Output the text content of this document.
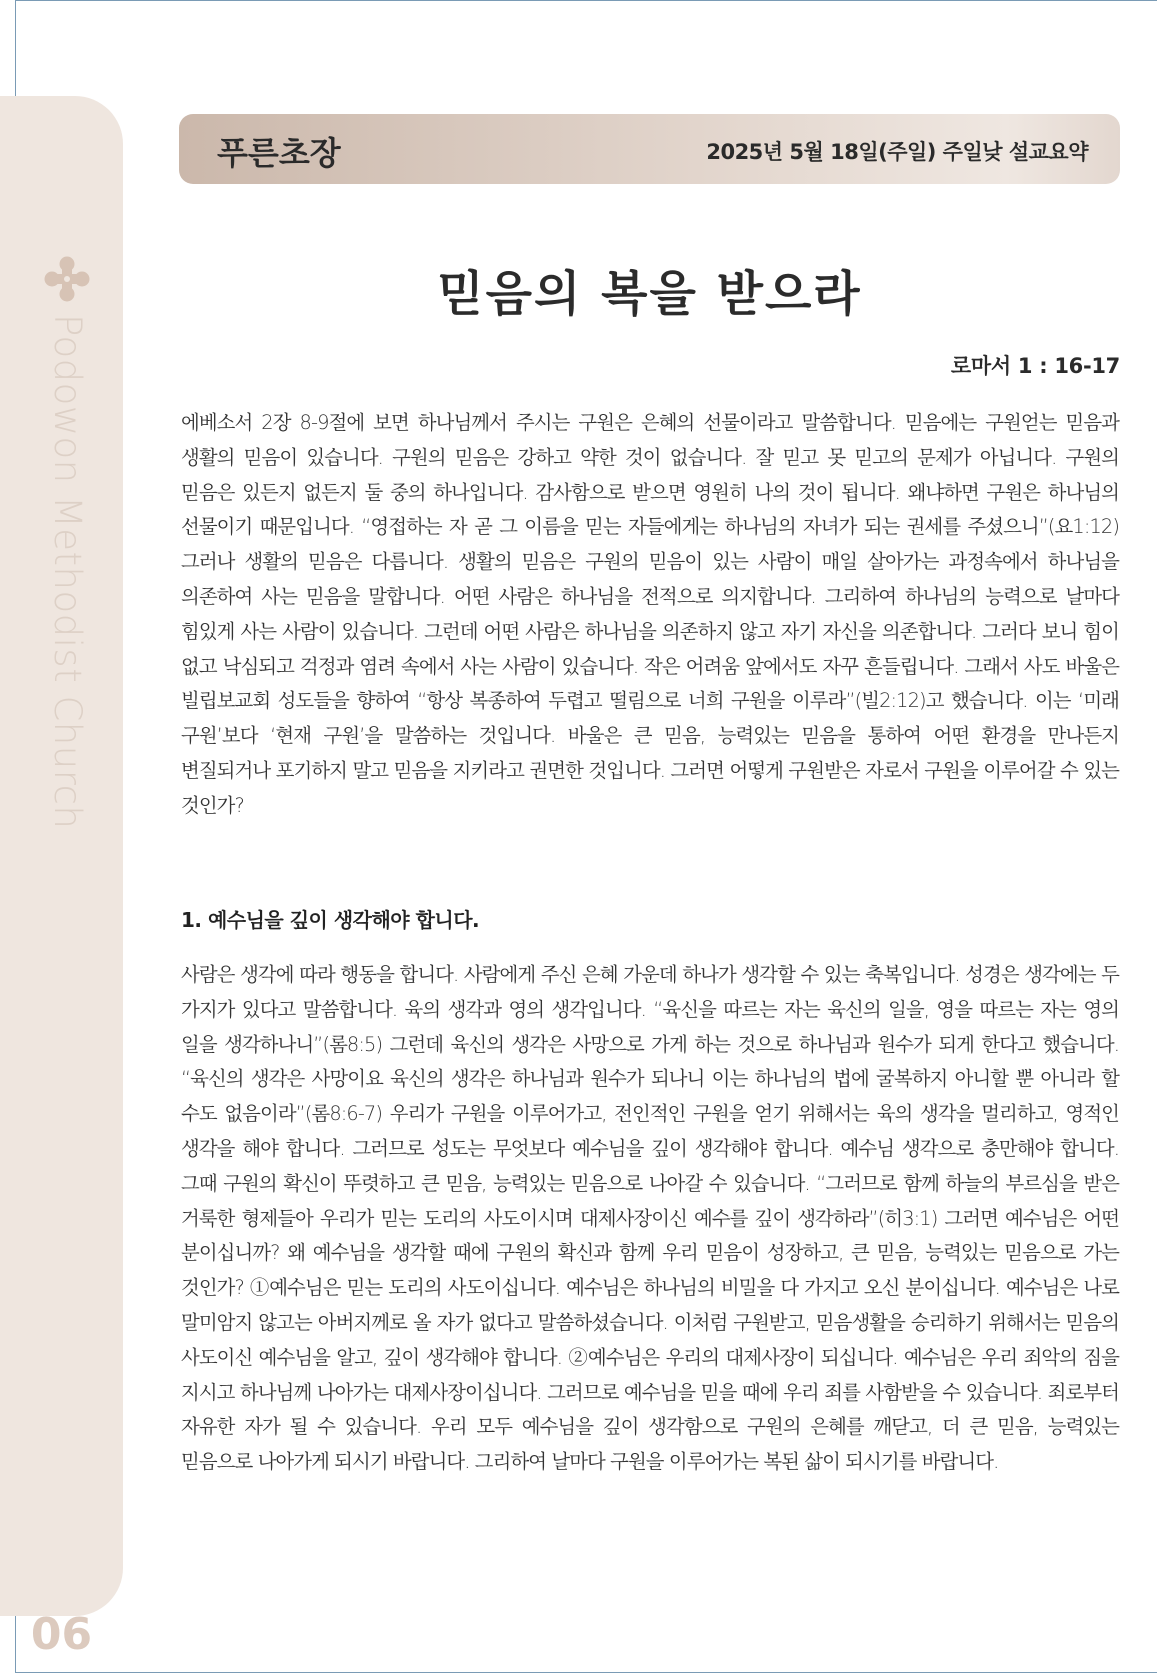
Podowon Methodist Church
06
푸른초장	2025년 5월 18일(주일) 주일낮 설교요약
믿음의 복을 받으라
로마서 1 : 16-17

에베소서 2장 8-9절에 보면 하나님께서 주시는 구원은 은혜의 선물이라고 말씀합니다. 믿음에는 구원얻는 믿음과 생활의 믿음이 있습니다. 구원의 믿음은 강하고 약한 것이 없습니다. 잘 믿고 못 믿고의 문제가 아닙니다. 구원의 믿음은 있든지 없든지 둘 중의 하나입니다. 감사함으로 받으면 영원히 나의 것이 됩니다. 왜냐하면 구원은 하나님의 선물이기 때문입니다. “영접하는 자 곧 그 이름을 믿는 자들에게는 하나님의 자녀가 되는 권세를 주셨으니”(요1:12) 그러나 생활의 믿음은 다릅니다. 생활의 믿음은 구원의 믿음이 있는 사람이 매일 살아가는 과정속에서 하나님을 의존하여 사는 믿음을 말합니다. 어떤 사람은 하나님을 전적으로 의지합니다. 그리하여 하나님의 능력으로 날마다 힘있게 사는 사람이 있습니다. 그런데 어떤 사람은 하나님을 의존하지 않고 자기 자신을 의존합니다. 그러다 보니 힘이 없고 낙심되고 걱정과 염려 속에서 사는 사람이 있습니다. 작은 어려움 앞에서도 자꾸 흔들립니다. 그래서 사도 바울은 빌립보교회 성도들을 향하여 “항상 복종하여 두렵고 떨림으로 너희 구원을 이루라”(빌2:12)고 했습니다. 이는 ‘미래 구원’보다 ‘현재 구원’을 말씀하는 것입니다. 바울은 큰 믿음, 능력있는 믿음을 통하여 어떤 환경을 만나든지 변질되거나 포기하지 말고 믿음을 지키라고 권면한 것입니다. 그러면 어떻게 구원받은 자로서 구원을 이루어갈 수 있는 것인가?

1. 예수님을 깊이 생각해야 합니다.

사람은 생각에 따라 행동을 합니다. 사람에게 주신 은혜 가운데 하나가 생각할 수 있는 축복입니다. 성경은 생각에는 두 가지가 있다고 말씀합니다. 육의 생각과 영의 생각입니다. “육신을 따르는 자는 육신의 일을, 영을 따르는 자는 영의 일을 생각하나니”(롬8:5) 그런데 육신의 생각은 사망으로 가게 하는 것으로 하나님과 원수가 되게 한다고 했습니다. “육신의 생각은 사망이요 육신의 생각은 하나님과 원수가 되나니 이는 하나님의 법에 굴복하지 아니할 뿐 아니라 할 수도 없음이라”(롬8:6-7) 우리가 구원을 이루어가고, 전인적인 구원을 얻기 위해서는 육의 생각을 멀리하고, 영적인 생각을 해야 합니다. 그러므로 성도는 무엇보다 예수님을 깊이 생각해야 합니다. 예수님 생각으로 충만해야 합니다. 그때 구원의 확신이 뚜렷하고 큰 믿음, 능력있는 믿음으로 나아갈 수 있습니다. “그러므로 함께 하늘의 부르심을 받은 거룩한 형제들아 우리가 믿는 도리의 사도이시며 대제사장이신 예수를 깊이 생각하라”(히3:1) 그러면 예수님은 어떤 분이십니까? 왜 예수님을 생각할 때에 구원의 확신과 함께 우리 믿음이 성장하고, 큰 믿음, 능력있는 믿음으로 가는 것인가? ①예수님은 믿는 도리의 사도이십니다. 예수님은 하나님의 비밀을 다 가지고 오신 분이십니다. 예수님은 나로 말미암지 않고는 아버지께로 올 자가 없다고 말씀하셨습니다. 이처럼 구원받고, 믿음생활을 승리하기 위해서는 믿음의 사도이신 예수님을 알고, 깊이 생각해야 합니다. ②예수님은 우리의 대제사장이 되십니다. 예수님은 우리 죄악의 짐을 지시고 하나님께 나아가는 대제사장이십니다. 그러므로 예수님을 믿을 때에 우리 죄를 사함받을 수 있습니다. 죄로부터 자유한 자가 될 수 있습니다. 우리 모두 예수님을 깊이 생각함으로 구원의 은혜를 깨닫고, 더 큰 믿음, 능력있는 믿음으로 나아가게 되시기 바랍니다. 그리하여 날마다 구원을 이루어가는 복된 삶이 되시기를 바랍니다.
